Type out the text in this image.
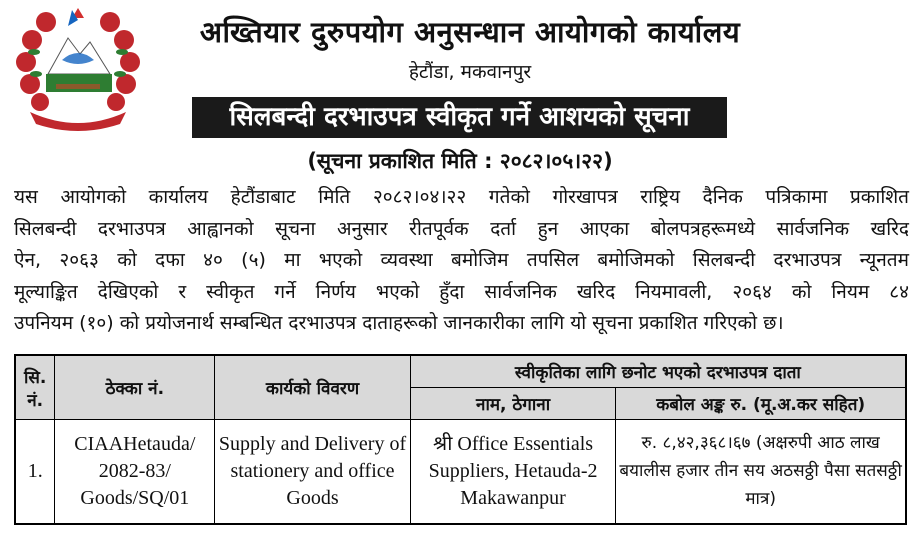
अख्तियार दुरुपयोग अनुसन्धान आयोगको कार्यालय
हेटौंडा, मकवानपुर
सिलबन्दी दरभाउपत्र स्वीकृत गर्ने आशयको सूचना
(सूचना प्रकाशित मिति : २०८२।०५।२२)
यस आयोगको कार्यालय हेटौंडाबाट मिति २०८२।०४।२२ गतेको गोरखापत्र राष्ट्रिय दैनिक पत्रिकामा प्रकाशित
सिलबन्दी दरभाउपत्र आह्वानको सूचना अनुसार रीतपूर्वक दर्ता हुन आएका बोलपत्रहरूमध्ये सार्वजनिक खरिद
ऐन, २०६३ को दफा ४० (५) मा भएको व्यवस्था बमोजिम तपसिल बमोजिमको सिलबन्दी दरभाउपत्र न्यूनतम
मूल्याङ्कित देखिएको र स्वीकृत गर्ने निर्णय भएको हुँदा सार्वजनिक खरिद नियमावली, २०६४ को नियम ८४
उपनियम (१०) को प्रयोजनार्थ सम्बन्धित दरभाउपत्र दाताहरूको जानकारीका लागि यो सूचना प्रकाशित गरिएको छ।
सि. नं.	ठेक्का नं.	कार्यको विवरण	स्वीकृतिका लागि छनोट भएको दरभाउपत्र दाता	
			नाम, ठेगाना	कबोल अङ्क रु. (मू.अ.कर सहित)
1.	CIAAHetauda/ 2082-83/ Goods/SQ/01	Supply and Delivery of stationery and office Goods	श्री Office Essentials Suppliers, Hetauda-2 Makawanpur	रु. ८,४२,३६८।६७ (अक्षरुपी आठ लाख बयालीस हजार तीन सय अठसठ्ठी पैसा सतसठ्ठी मात्र)
